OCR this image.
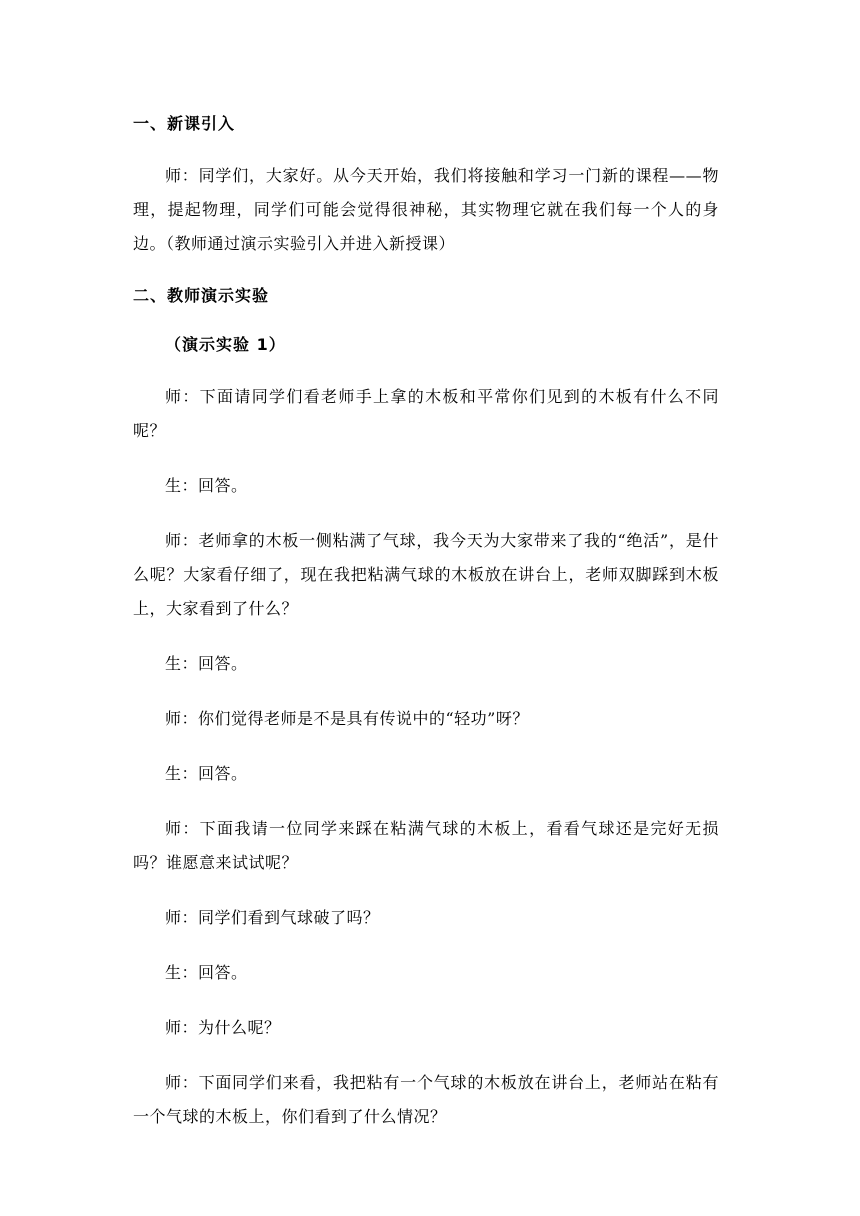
一、新课引入
师：同学们，大家好。从今天开始，我们将接触和学习一门新的课程——物理，提起物理，同学们可能会觉得很神秘，其实物理它就在我们每一个人的身边。（教师通过演示实验引入并进入新授课）
二、教师演示实验
（演示实验 1）
师：下面请同学们看老师手上拿的木板和平常你们见到的木板有什么不同呢？
生：回答。
师：老师拿的木板一侧粘满了气球，我今天为大家带来了我的“绝活”，是什么呢？大家看仔细了，现在我把粘满气球的木板放在讲台上，老师双脚踩到木板上，大家看到了什么？
生：回答。
师：你们觉得老师是不是具有传说中的“轻功”呀？
生：回答。
师：下面我请一位同学来踩在粘满气球的木板上，看看气球还是完好无损吗？谁愿意来试试呢？
师：同学们看到气球破了吗？
生：回答。
师：为什么呢？
师：下面同学们来看，我把粘有一个气球的木板放在讲台上，老师站在粘有一个气球的木板上，你们看到了什么情况？
